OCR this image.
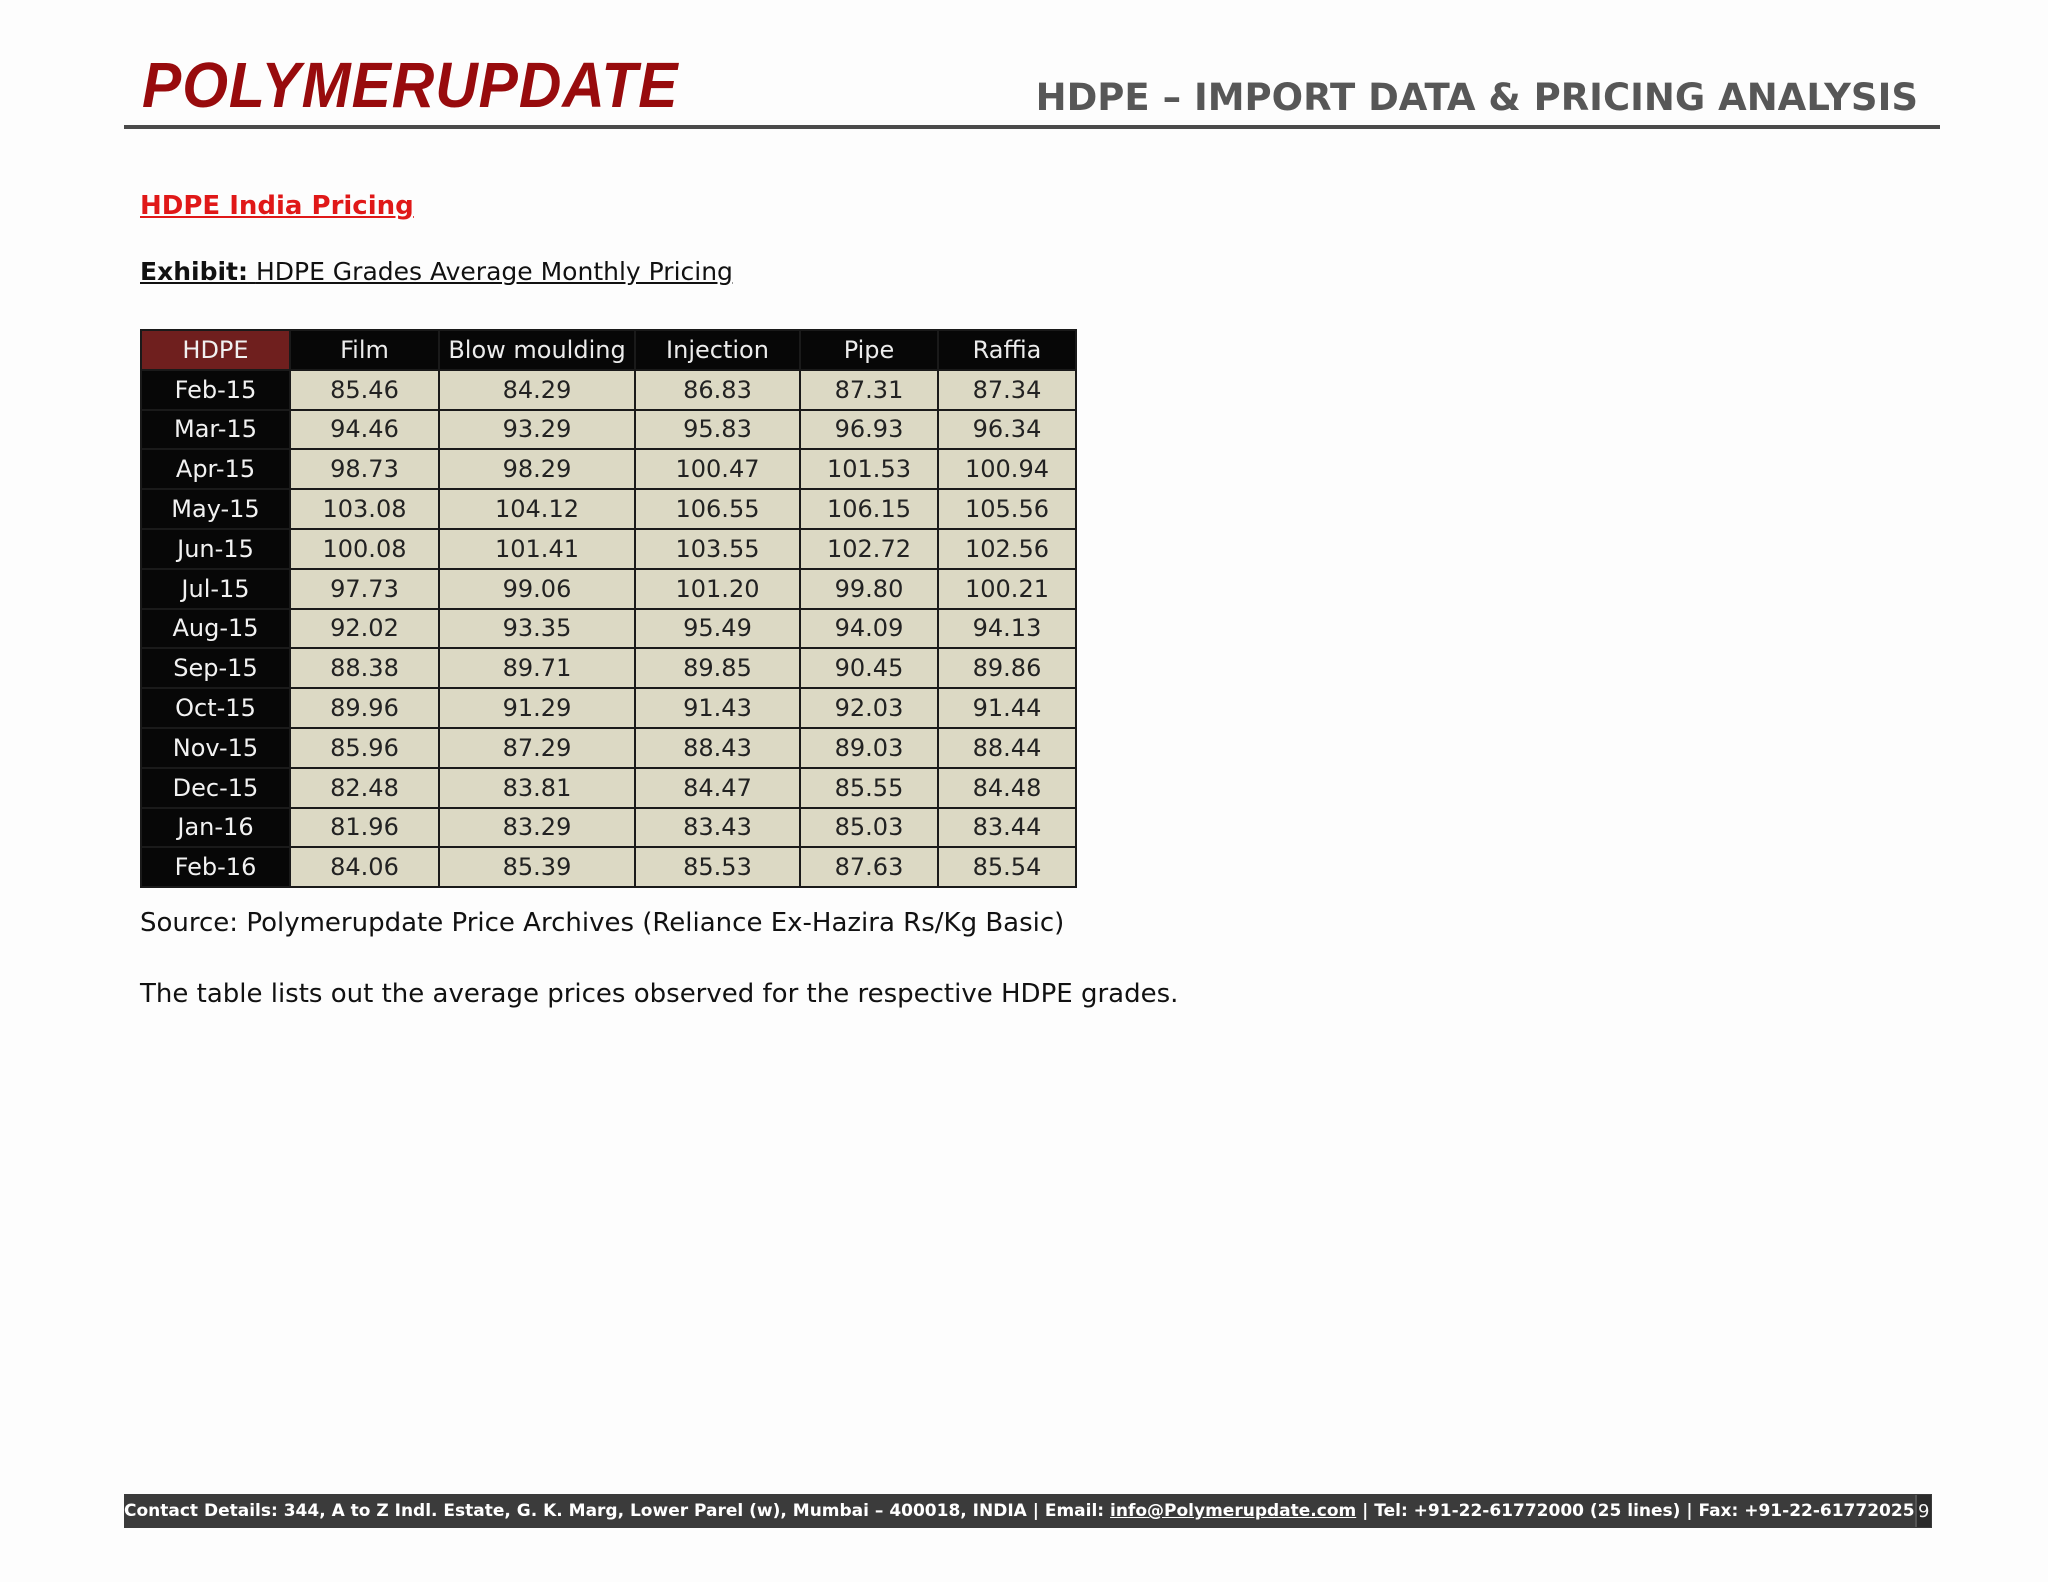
POLYMERUPDATE	HDPE – IMPORT DATA & PRICING ANALYSIS
HDPE India Pricing
Exhibit: HDPE Grades Average Monthly Pricing
HDPE	Film	Blow moulding	Injection	Pipe	Raffia
Feb-15	85.46	84.29	86.83	87.31	87.34
Mar-15	94.46	93.29	95.83	96.93	96.34
Apr-15	98.73	98.29	100.47	101.53	100.94
May-15	103.08	104.12	106.55	106.15	105.56
Jun-15	100.08	101.41	103.55	102.72	102.56
Jul-15	97.73	99.06	101.20	99.80	100.21
Aug-15	92.02	93.35	95.49	94.09	94.13
Sep-15	88.38	89.71	89.85	90.45	89.86
Oct-15	89.96	91.29	91.43	92.03	91.44
Nov-15	85.96	87.29	88.43	89.03	88.44
Dec-15	82.48	83.81	84.47	85.55	84.48
Jan-16	81.96	83.29	83.43	85.03	83.44
Feb-16	84.06	85.39	85.53	87.63	85.54
Source: Polymerupdate Price Archives (Reliance Ex-Hazira Rs/Kg Basic)
The table lists out the average prices observed for the respective HDPE grades.
Contact Details: 344, A to Z Indl. Estate, G. K. Marg, Lower Parel (w), Mumbai – 400018, INDIA | Email: info@Polymerupdate.com | Tel: +91-22-61772000 (25 lines) | Fax: +91-22-61772025 9
